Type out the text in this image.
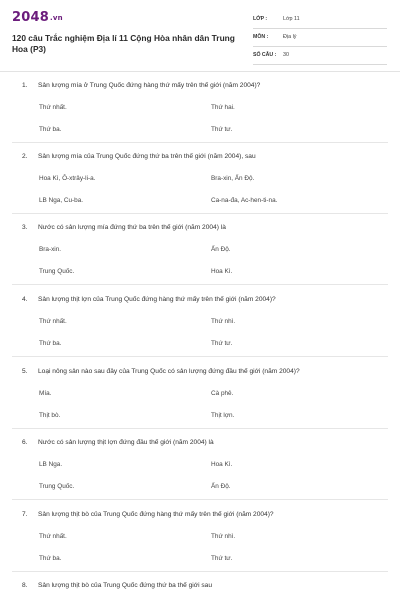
2048.vn
120 câu Trắc nghiệm Địa lí 11 Cộng Hòa nhân dân Trung Hoa (P3)
LỚP :	Lớp 11
MÔN :	Địa lý
SỐ CÂU : 30
1. Sản lượng mía ở Trung Quốc đứng hàng thứ mấy trên thế giới (năm 2004)?
Thứ nhất.	Thứ hai.
Thứ ba.	Thứ tư.
2. Sản lượng mía của Trung Quốc đứng thứ ba trên thế giới (năm 2004), sau
Hoa Kì, Ô-xtrây-li-a.	Bra-xin, Ấn Độ.
LB Nga, Cu-ba.	Ca-na-đa, Ac-hen-ti-na.
3. Nước có sản lượng mía đứng thứ ba trên thế giới (năm 2004) là
Bra-xin.	Ấn Độ.
Trung Quốc.	Hoa Kì.
4. Sản lượng thịt lợn của Trung Quốc đứng hàng thứ mấy trên thế giới (năm 2004)?
Thứ nhất.	Thứ nhì.
Thứ ba.	Thứ tư.
5. Loại nông sản nào sau đây của Trung Quốc có sản lượng đứng đầu thế giới (năm 2004)?
Mía.	Cà phê.
Thịt bò.	Thịt lợn.
6. Nước có sản lượng thịt lợn đứng đầu thế giới (năm 2004) là
LB Nga.	Hoa Kì.
Trung Quốc.	Ấn Độ.
7. Sản lượng thịt bò của Trung Quốc đứng hàng thứ mấy trên thế giới (năm 2004)?
Thứ nhất.	Thứ nhì.
Thứ ba.	Thứ tư.
8. Sản lượng thịt bò của Trung Quốc đứng thứ ba thế giới sau
